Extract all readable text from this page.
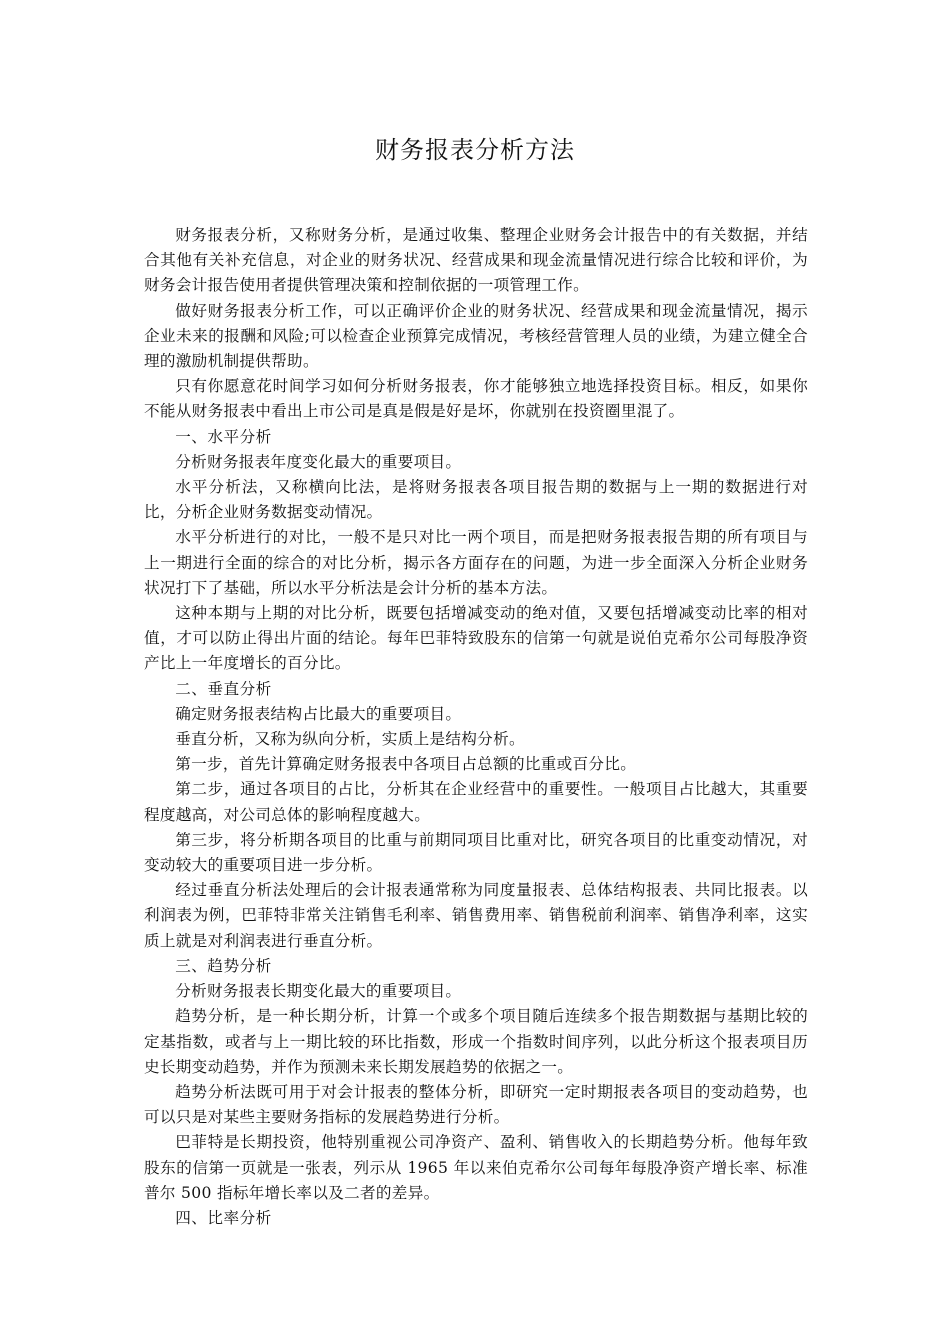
财务报表分析方法

财务报表分析，又称财务分析，是通过收集、整理企业财务会计报告中的有关数据，并结合其他有关补充信息，对企业的财务状况、经营成果和现金流量情况进行综合比较和评价，为财务会计报告使用者提供管理决策和控制依据的一项管理工作。

做好财务报表分析工作，可以正确评价企业的财务状况、经营成果和现金流量情况，揭示企业未来的报酬和风险;可以检查企业预算完成情况，考核经营管理人员的业绩，为建立健全合理的激励机制提供帮助。

只有你愿意花时间学习如何分析财务报表，你才能够独立地选择投资目标。相反，如果你不能从财务报表中看出上市公司是真是假是好是坏，你就别在投资圈里混了。

一、水平分析

分析财务报表年度变化最大的重要项目。

水平分析法，又称横向比法，是将财务报表各项目报告期的数据与上一期的数据进行对比，分析企业财务数据变动情况。

水平分析进行的对比，一般不是只对比一两个项目，而是把财务报表报告期的所有项目与上一期进行全面的综合的对比分析，揭示各方面存在的问题，为进一步全面深入分析企业财务状况打下了基础，所以水平分析法是会计分析的基本方法。

这种本期与上期的对比分析，既要包括增减变动的绝对值，又要包括增减变动比率的相对值，才可以防止得出片面的结论。每年巴菲特致股东的信第一句就是说伯克希尔公司每股净资产比上一年度增长的百分比。

二、垂直分析

确定财务报表结构占比最大的重要项目。

垂直分析，又称为纵向分析，实质上是结构分析。

第一步，首先计算确定财务报表中各项目占总额的比重或百分比。

第二步，通过各项目的占比，分析其在企业经营中的重要性。一般项目占比越大，其重要程度越高，对公司总体的影响程度越大。

第三步，将分析期各项目的比重与前期同项目比重对比，研究各项目的比重变动情况，对变动较大的重要项目进一步分析。

经过垂直分析法处理后的会计报表通常称为同度量报表、总体结构报表、共同比报表。以利润表为例，巴菲特非常关注销售毛利率、销售费用率、销售税前利润率、销售净利率，这实质上就是对利润表进行垂直分析。

三、趋势分析

分析财务报表长期变化最大的重要项目。

趋势分析，是一种长期分析，计算一个或多个项目随后连续多个报告期数据与基期比较的定基指数，或者与上一期比较的环比指数，形成一个指数时间序列，以此分析这个报表项目历史长期变动趋势，并作为预测未来长期发展趋势的依据之一。

趋势分析法既可用于对会计报表的整体分析，即研究一定时期报表各项目的变动趋势，也可以只是对某些主要财务指标的发展趋势进行分析。

巴菲特是长期投资，他特别重视公司净资产、盈利、销售收入的长期趋势分析。他每年致股东的信第一页就是一张表，列示从 1965 年以来伯克希尔公司每年每股净资产增长率、标准普尔 500 指标年增长率以及二者的差异。

四、比率分析
